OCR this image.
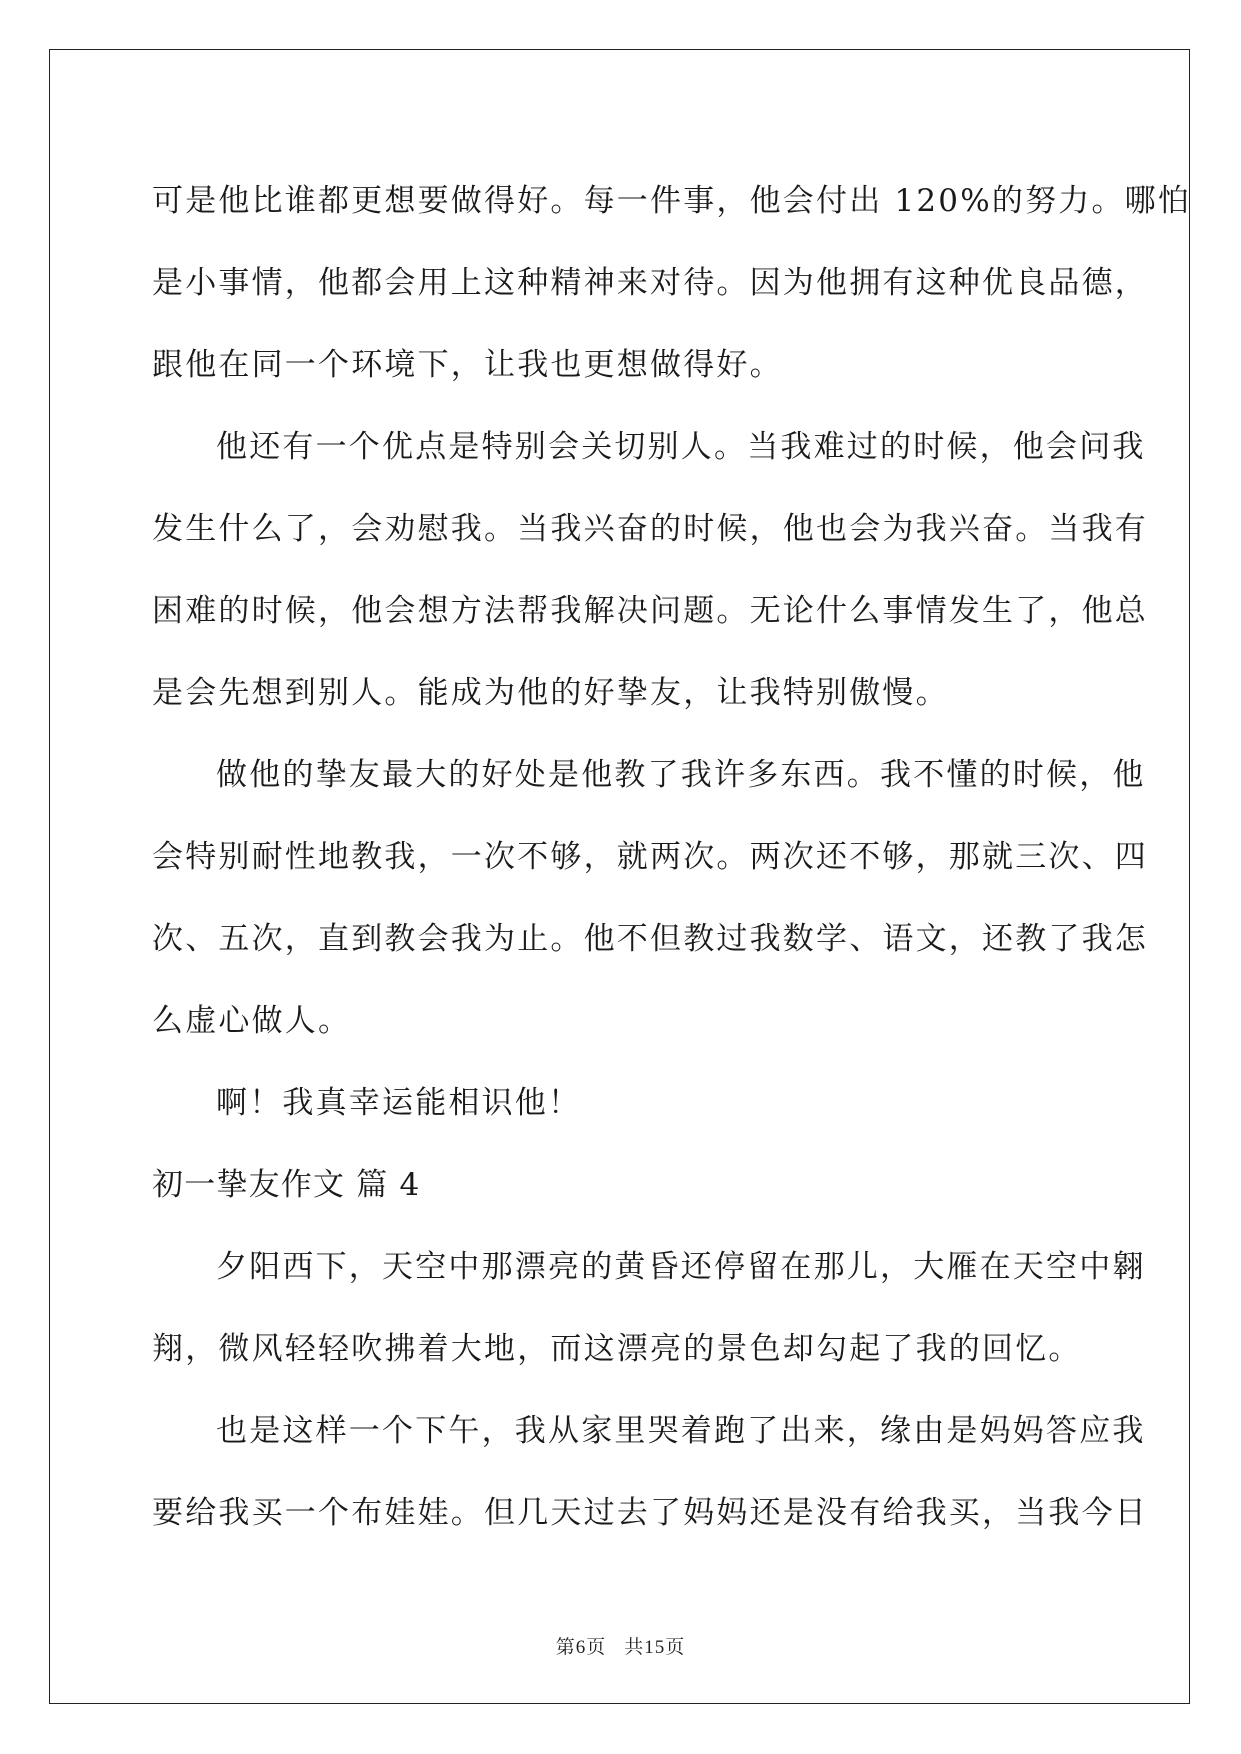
可是他比谁都更想要做得好。每一件事，他会付出 120%的努力。哪怕
是小事情，他都会用上这种精神来对待。因为他拥有这种优良品德，
跟他在同一个环境下，让我也更想做得好。
他还有一个优点是特别会关切别人。当我难过的时候，他会问我
发生什么了，会劝慰我。当我兴奋的时候，他也会为我兴奋。当我有
困难的时候，他会想方法帮我解决问题。无论什么事情发生了，他总
是会先想到别人。能成为他的好挚友，让我特别傲慢。
做他的挚友最大的好处是他教了我许多东西。我不懂的时候，他
会特别耐性地教我，一次不够，就两次。两次还不够，那就三次、四
次、五次，直到教会我为止。他不但教过我数学、语文，还教了我怎
么虚心做人。
啊！我真幸运能相识他！
初一挚友作文 篇 4
夕阳西下，天空中那漂亮的黄昏还停留在那儿，大雁在天空中翱
翔，微风轻轻吹拂着大地，而这漂亮的景色却勾起了我的回忆。
也是这样一个下午，我从家里哭着跑了出来，缘由是妈妈答应我
要给我买一个布娃娃。但几天过去了妈妈还是没有给我买，当我今日
第6页 共15页
